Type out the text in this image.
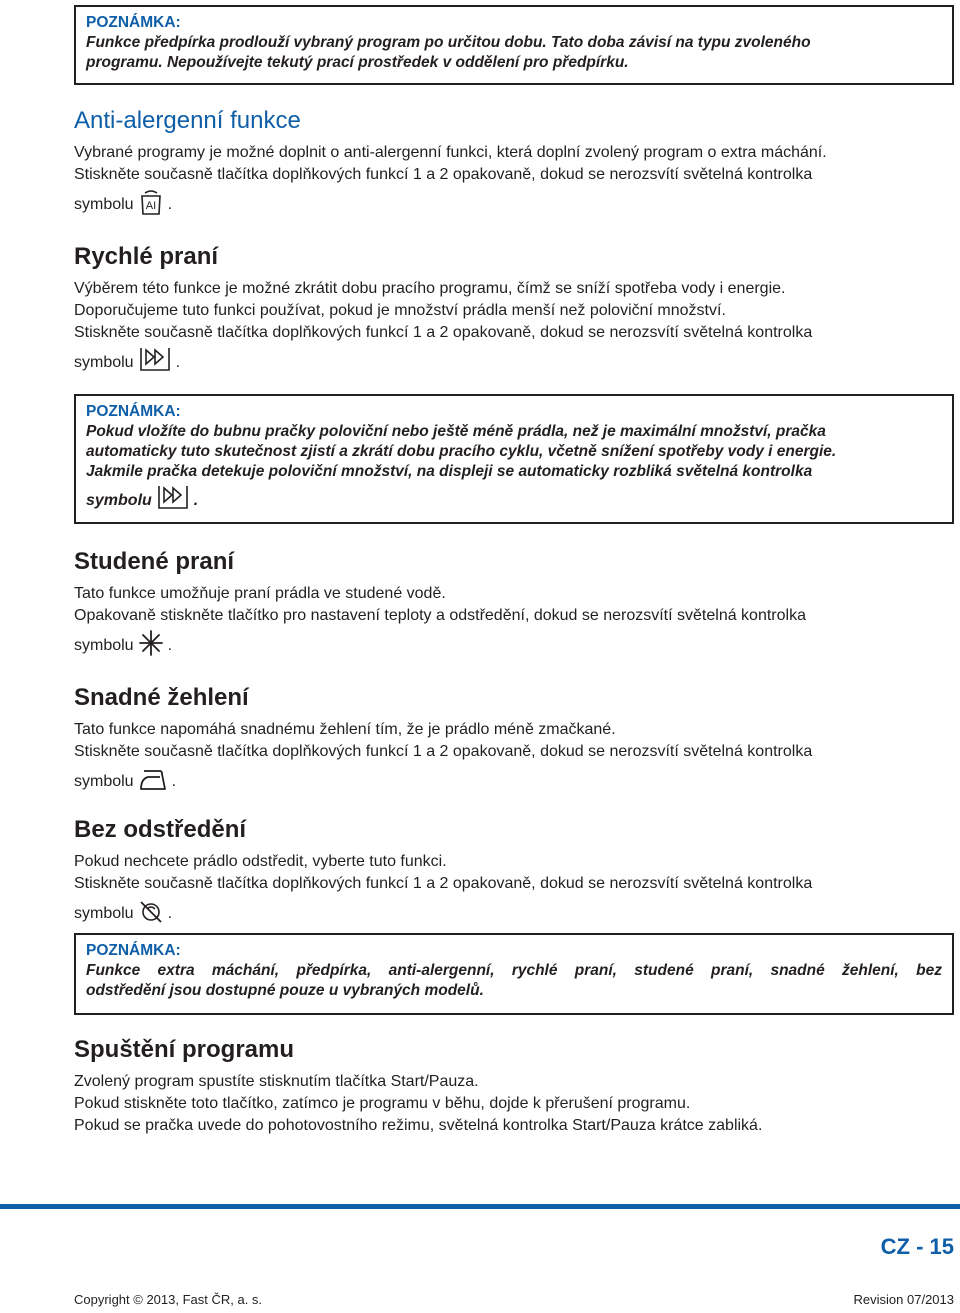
POZNÁMKA:

Funkce předpírka prodlouží vybraný program po určitou dobu. Tato doba závisí na typu zvoleného

programu. Nepoužívejte tekutý prací prostředek v oddělení pro předpírku.

Anti-alergenní funkce

Vybrané programy je možné doplnit o anti-alergenní funkci, která doplní zvolený program o extra máchání.

Stiskněte současně tlačítka doplňkových funkcí 1 a 2 opakovaně, dokud se nerozsvítí světelná kontrolka

symbolu AI .
Rychlé praní

Výběrem této funkce je možné zkrátit dobu pracího programu, čímž se sníží spotřeba vody i energie.

Doporučujeme tuto funkci používat, pokud je množství prádla menší než poloviční množství.

Stiskněte současně tlačítka doplňkových funkcí 1 a 2 opakovaně, dokud se nerozsvítí světelná kontrolka

symbolu	.
POZNÁMKA:

Pokud vložíte do bubnu pračky poloviční nebo ještě méně prádla, než je maximální množství, pračka

automaticky tuto skutečnost zjistí a zkrátí dobu pracího cyklu, včetně snížení spotřeby vody i energie.

Jakmile pračka detekuje poloviční množství, na displeji se automaticky rozbliká světelná kontrolka

symbolu	.
Studené praní

Tato funkce umožňuje praní prádla ve studené vodě.

Opakovaně stiskněte tlačítko pro nastavení teploty a odstředění, dokud se nerozsvítí světelná kontrolka

symbolu .
Snadné žehlení

Tato funkce napomáhá snadnému žehlení tím, že je prádlo méně zmačkané.

Stiskněte současně tlačítka doplňkových funkcí 1 a 2 opakovaně, dokud se nerozsvítí světelná kontrolka

symbolu .
Bez odstředění

Pokud nechcete prádlo odstředit, vyberte tuto funkci.

Stiskněte současně tlačítka doplňkových funkcí 1 a 2 opakovaně, dokud se nerozsvítí světelná kontrolka

symbolu .
POZNÁMKA:

Funkce extra máchání, předpírka, anti-alergenní, rychlé praní, studené praní, snadné žehlení, bez

odstředění jsou dostupné pouze u vybraných modelů.

Spuštění programu

Zvolený program spustíte stisknutím tlačítka Start/Pauza.

Pokud stiskněte toto tlačítko, zatímco je programu v běhu, dojde k přerušení programu.

Pokud se pračka uvede do pohotovostního režimu, světelná kontrolka Start/Pauza krátce zabliká.

CZ - 15
Copyright © 2013, Fast ČR, a. s.	Revision 07/2013
